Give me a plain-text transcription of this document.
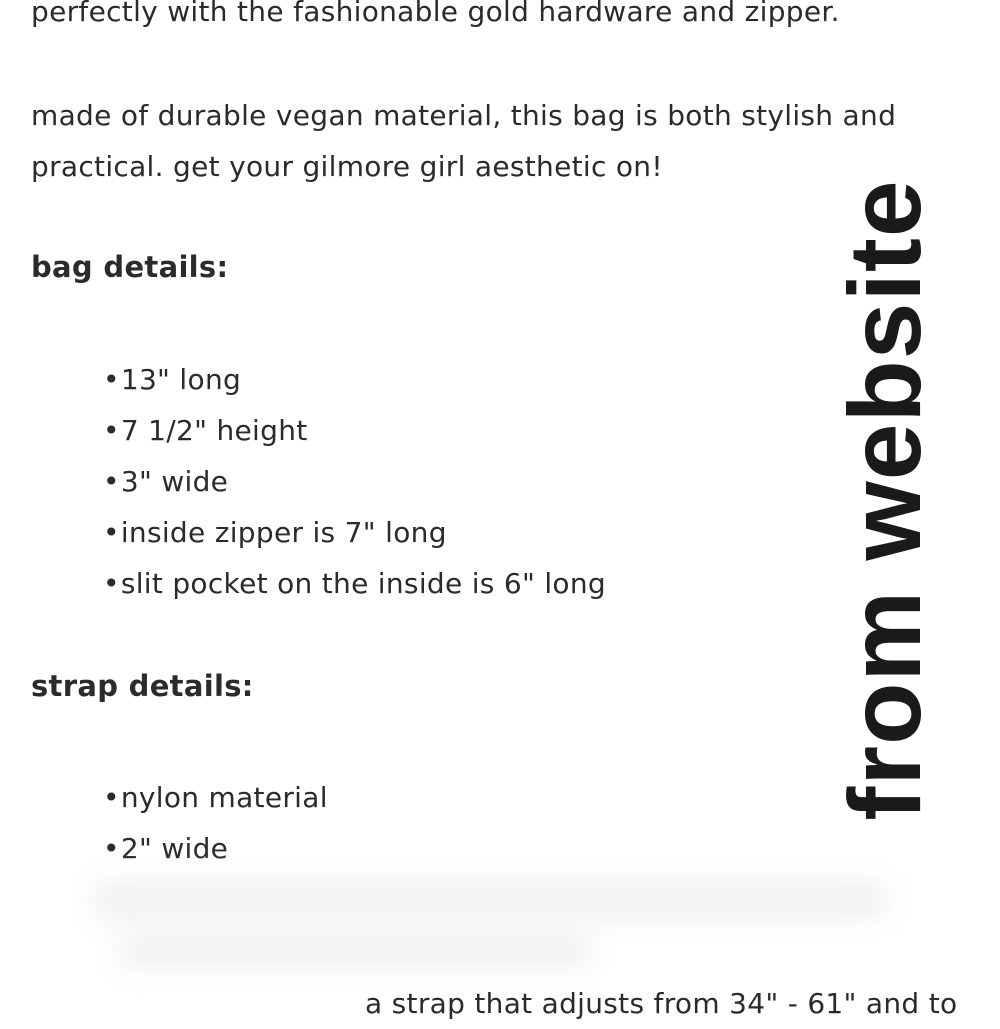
perfectly with the fashionable gold hardware and zipper.

made of durable vegan material, this bag is both stylish and
practical. get your gilmore girl aesthetic on!

bag details:
• 13" long
• 7 1/2" height
• 3" wide
• inside zipper is 7" long
• slit pocket on the inside is 6" long
strap details:
• nylon material
• 2" wide
a strap that adjusts from 34" - 61" and to
from website
